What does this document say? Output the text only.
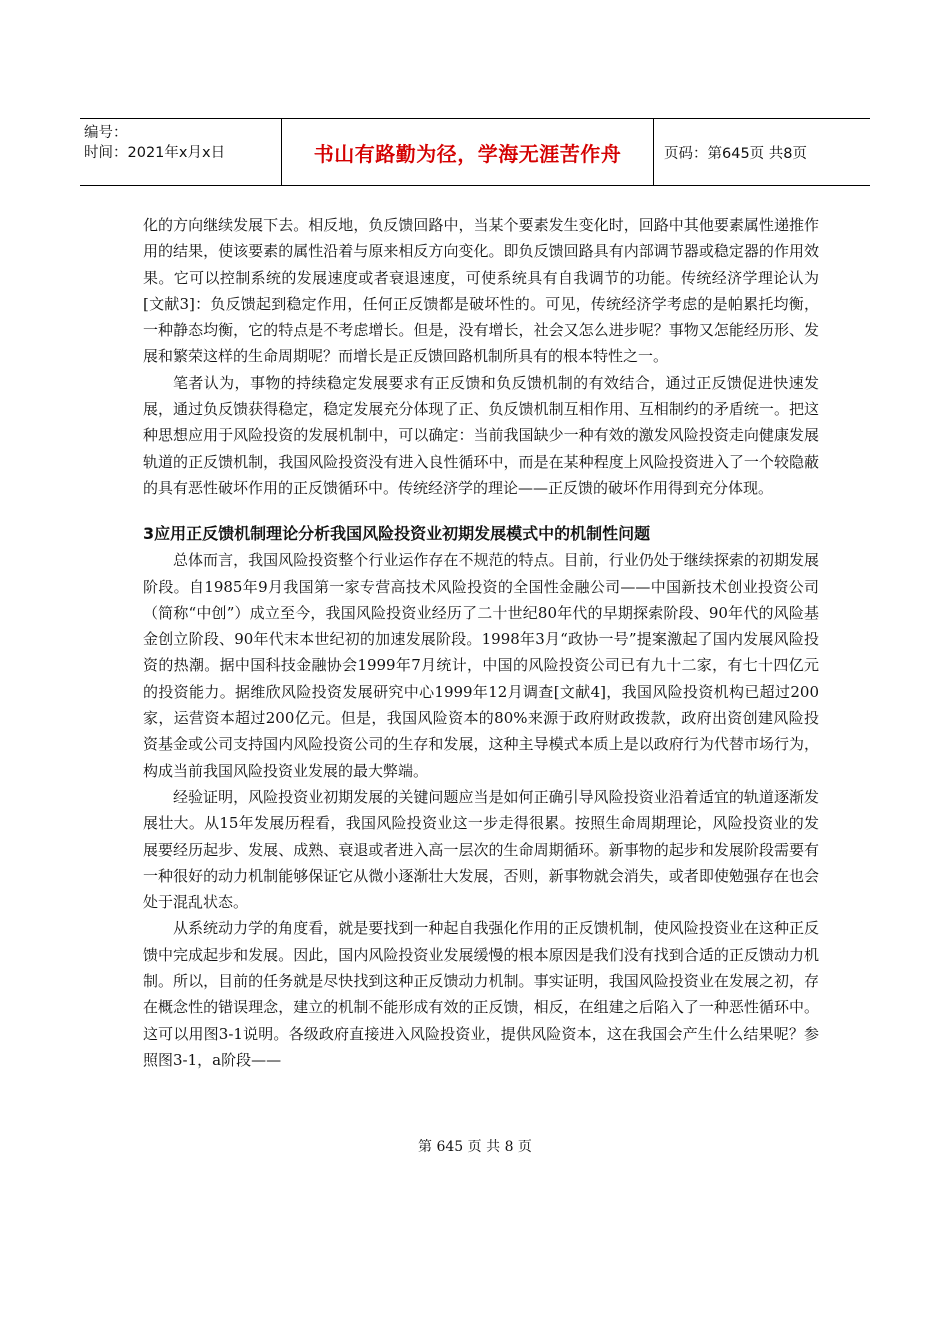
编号：
时间：2021年x月x日	书山有路勤为径，学海无涯苦作舟	页码：第645页 共8页

化的方向继续发展下去。相反地，负反馈回路中，当某个要素发生变化时，回路中其他要素属性递推作用的结果，使该要素的属性沿着与原来相反方向变化。即负反馈回路具有内部调节器或稳定器的作用效果。它可以控制系统的发展速度或者衰退速度，可使系统具有自我调节的功能。传统经济学理论认为[文献3]：负反馈起到稳定作用，任何正反馈都是破坏性的。可见，传统经济学考虑的是帕累托均衡，一种静态均衡，它的特点是不考虑增长。但是，没有增长，社会又怎么进步呢？事物又怎能经历形、发展和繁荣这样的生命周期呢？而增长是正反馈回路机制所具有的根本特性之一。

笔者认为，事物的持续稳定发展要求有正反馈和负反馈机制的有效结合，通过正反馈促进快速发展，通过负反馈获得稳定，稳定发展充分体现了正、负反馈机制互相作用、互相制约的矛盾统一。把这种思想应用于风险投资的发展机制中，可以确定：当前我国缺少一种有效的激发风险投资走向健康发展轨道的正反馈机制，我国风险投资没有进入良性循环中，而是在某种程度上风险投资进入了一个较隐蔽的具有恶性破坏作用的正反馈循环中。传统经济学的理论——正反馈的破坏作用得到充分体现。

3应用正反馈机制理论分析我国风险投资业初期发展模式中的机制性问题

总体而言，我国风险投资整个行业运作存在不规范的特点。目前，行业仍处于继续探索的初期发展阶段。自1985年9月我国第一家专营高技术风险投资的全国性金融公司——中国新技术创业投资公司（简称“中创”）成立至今，我国风险投资业经历了二十世纪80年代的早期探索阶段、90年代的风险基金创立阶段、90年代末本世纪初的加速发展阶段。1998年3月“政协一号”提案激起了国内发展风险投资的热潮。据中国科技金融协会1999年7月统计，中国的风险投资公司已有九十二家，有七十四亿元的投资能力。据维欣风险投资发展研究中心1999年12月调查[文献4]，我国风险投资机构已超过200家，运营资本超过200亿元。但是，我国风险资本的80%来源于政府财政拨款，政府出资创建风险投资基金或公司支持国内风险投资公司的生存和发展，这种主导模式本质上是以政府行为代替市场行为，构成当前我国风险投资业发展的最大弊端。

经验证明，风险投资业初期发展的关键问题应当是如何正确引导风险投资业沿着适宜的轨道逐渐发展壮大。从15年发展历程看，我国风险投资业这一步走得很累。按照生命周期理论，风险投资业的发展要经历起步、发展、成熟、衰退或者进入高一层次的生命周期循环。新事物的起步和发展阶段需要有一种很好的动力机制能够保证它从微小逐渐壮大发展，否则，新事物就会消失，或者即使勉强存在也会处于混乱状态。

从系统动力学的角度看，就是要找到一种起自我强化作用的正反馈机制，使风险投资业在这种正反馈中完成起步和发展。因此，国内风险投资业发展缓慢的根本原因是我们没有找到合适的正反馈动力机制。所以，目前的任务就是尽快找到这种正反馈动力机制。事实证明，我国风险投资业在发展之初，存在概念性的错误理念，建立的机制不能形成有效的正反馈，相反，在组建之后陷入了一种恶性循环中。这可以用图3-1说明。各级政府直接进入风险投资业，提供风险资本，这在我国会产生什么结果呢？参照图3-1，a阶段——

第 645 页 共 8 页
